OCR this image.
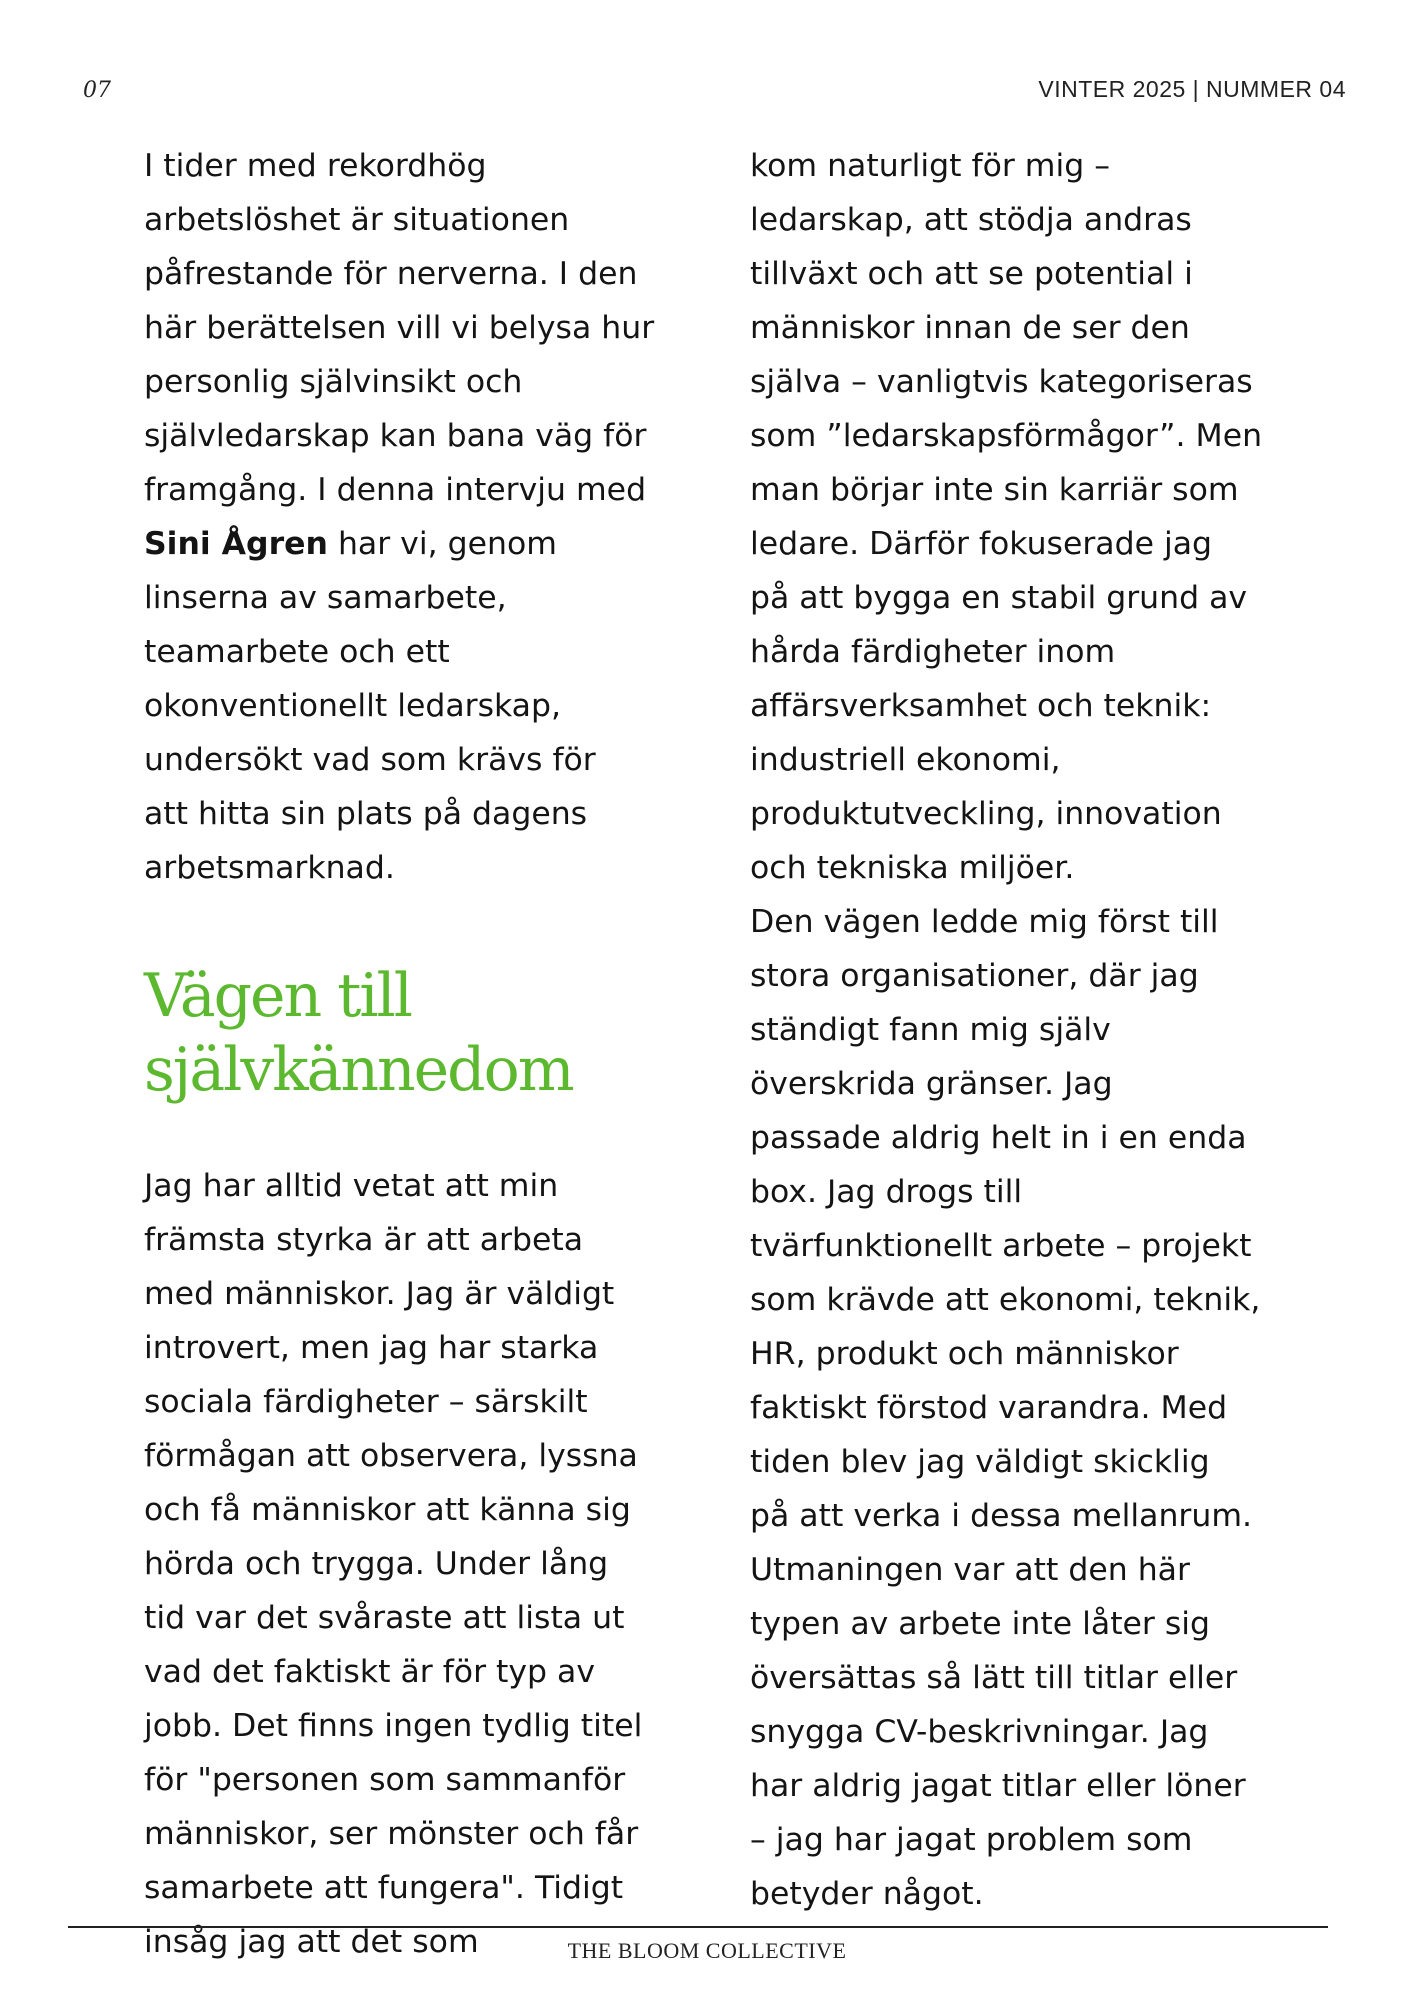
07	VINTER 2025 | NUMMER 04

I tider med rekordhög
arbetslöshet är situationen
påfrestande för nerverna. I den
här berättelsen vill vi belysa hur
personlig självinsikt och
självledarskap kan bana väg för
framgång. I denna intervju med
Sini Ågren har vi, genom
linserna av samarbete,
teamarbete och ett
okonventionellt ledarskap,
undersökt vad som krävs för
att hitta sin plats på dagens
arbetsmarknad.

Vägen till
självkännedom

Jag har alltid vetat att min
främsta styrka är att arbeta
med människor. Jag är väldigt
introvert, men jag har starka
sociala färdigheter – särskilt
förmågan att observera, lyssna
och få människor att känna sig
hörda och trygga. Under lång
tid var det svåraste att lista ut
vad det faktiskt är för typ av
jobb. Det finns ingen tydlig titel
för "personen som sammanför
människor, ser mönster och får
samarbete att fungera". Tidigt
insåg jag att det som

kom naturligt för mig –
ledarskap, att stödja andras
tillväxt och att se potential i
människor innan de ser den
själva – vanligtvis kategoriseras
som ”ledarskapsförmågor”. Men
man börjar inte sin karriär som
ledare. Därför fokuserade jag
på att bygga en stabil grund av
hårda färdigheter inom
affärsverksamhet och teknik:
industriell ekonomi,
produktutveckling, innovation
och tekniska miljöer.
Den vägen ledde mig först till
stora organisationer, där jag
ständigt fann mig själv
överskrida gränser. Jag
passade aldrig helt in i en enda
box. Jag drogs till
tvärfunktionellt arbete – projekt
som krävde att ekonomi, teknik,
HR, produkt och människor
faktiskt förstod varandra. Med
tiden blev jag väldigt skicklig
på att verka i dessa mellanrum.
Utmaningen var att den här
typen av arbete inte låter sig
översättas så lätt till titlar eller
snygga CV-beskrivningar. Jag
har aldrig jagat titlar eller löner
– jag har jagat problem som
betyder något.

THE BLOOM COLLECTIVE
